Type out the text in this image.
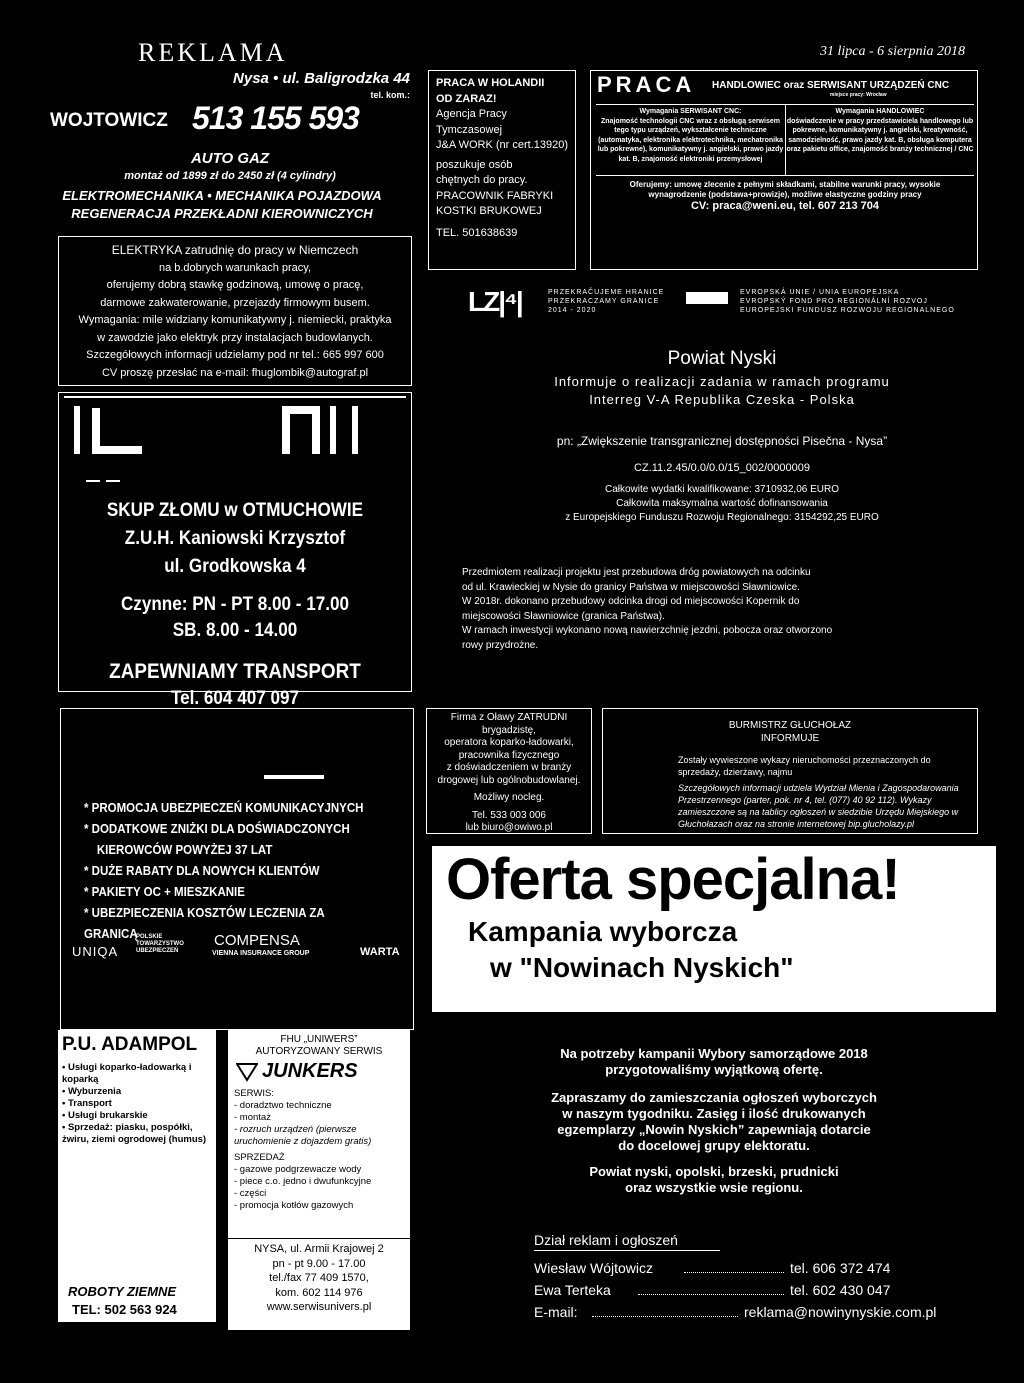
REKLAMA	31 lipca - 6 sierpnia 2018
Nysa • ul. Baligrodzka 44
tel. kom.:
WOJTOWICZ 513 155 593
AUTO GAZ
montaż od 1899 zł do 2450 zł (4 cylindry)
ELEKTROMECHANIKA • MECHANIKA POJAZDOWA
REGENERACJA PRZEKŁADNI KIEROWNICZYCH
PRACA W HOLANDII
OD ZARAZ!
Agencja Pracy Tymczasowej
J&A WORK (nr cert.13920)
poszukuje osób
chętnych do pracy.
PRACOWNIK FABRYKI
KOSTKI BRUKOWEJ
TEL. 501638639
PRACA HANDLOWIEC oraz SERWISANT URZĄDZEŃ CNC
miejsce pracy: Wrocław
Wymagania SERWISANT CNC:
Znajomość technologii CNC wraz z obsługą serwisem tego typu urządzeń, wykształcenie techniczne (automatyka, elektronika elektrotechnika, mechatronika lub pokrewne), komunikatywny j. angielski, prawo jazdy kat. B, znajomość elektroniki przemysłowej
Wymagania HANDLOWIEC
doświadczenie w pracy przedstawiciela handlowego lub pokrewne, komunikatywny j. angielski, kreatywność, samodzielność, prawo jazdy kat. B, obsługa komputera oraz pakietu office, znajomość branży technicznej / CNC
Oferujemy: umowę zlecenie z pełnymi składkami, stabilne warunki pracy, wysokie wynagrodzenie (podstawa+prowizje), możliwe elastyczne godziny pracy
CV: praca@weni.eu, tel. 607 213 704
ELEKTRYKA zatrudnię do pracy w Niemczech
na b.dobrych warunkach pracy,
oferujemy dobrą stawkę godzinową, umowę o pracę,
darmowe zakwaterowanie, przejazdy firmowym busem.
Wymagania: mile widziany komunikatywny j. niemiecki, praktyka
w zawodzie jako elektryk przy instalacjach budowlanych.
Szczegółowych informacji udzielamy pod nr tel.: 665 997 600
CV proszę przesłać na e-mail: fhuglombik@autograf.pl
SKUP ZŁOMU w OTMUCHOWIE
Z.U.H. Kaniowski Krzysztof
ul. Grodkowska 4
Czynne: PN - PT 8.00 - 17.00
SB. 8.00 - 14.00
ZAPEWNIAMY TRANSPORT
Tel. 604 407 097
LZ|⁴|	PRZEKRAČUJEME HRANICE
PRZEKRACZAMY GRANICE
2014 - 2020
EVROPSKÁ UNIE / UNIA EUROPEJSKA
EVROPSKÝ FOND PRO REGIONÁLNÍ ROZVOJ
EUROPEJSKI FUNDUSZ ROZWOJU REGIONALNEGO
Powiat Nyski
Informuje o realizacji zadania w ramach programu
Interreg V-A Republika Czeska - Polska
pn: „Zwiększenie transgranicznej dostępności Pisečna - Nysa”
CZ.11.2.45/0.0/0.0/15_002/0000009
Całkowite wydatki kwalifikowane: 3710932,06 EURO
Całkowita maksymalna wartość dofinansowania
z Europejskiego Funduszu Rozwoju Regionalnego: 3154292,25 EURO
Przedmiotem realizacji projektu jest przebudowa dróg powiatowych na odcinku
od ul. Krawieckiej w Nysie do granicy Państwa w miejscowości Sławniowice.
W 2018r. dokonano przebudowy odcinka drogi od miejscowości Kopernik do
miejscowości Sławniowice (granica Państwa).
W ramach inwestycji wykonano nową nawierzchnię jezdni, pobocza oraz otworzono
rowy przydrożne.
* PROMOCJA UBEZPIECZEŃ KOMUNIKACYJNYCH
* DODATKOWE ZNIŻKI DLA DOŚWIADCZONYCH
KIEROWCÓW POWYŻEJ 37 LAT
* DUŻE RABATY DLA NOWYCH KLIENTÓW
* PAKIETY OC + MIESZKANIE
* UBEZPIECZENIA KOSZTÓW LECZENIA ZA GRANICĄ
UNIQA
POLSKIE TOWARZYSTWO UBEZPIECZEŃ
COMPENSA
VIENNA INSURANCE GROUP	WARTA
Firma z Oławy ZATRUDNI
brygadzistę,
operatora koparko-ładowarki,
pracownika fizycznego
z doświadczeniem w branży
drogowej lub ogólnobudowlanej.
Możliwy nocleg.
Tel. 533 003 006
lub biuro@owiwo.pl
BURMISTRZ GŁUCHOŁAZ
INFORMUJE
Zostały wywieszone wykazy nieruchomości przeznaczonych do sprzedaży, dzierżawy, najmu
Szczegółowych informacji udziela Wydział Mienia i Zagospodarowania Przestrzennego (parter, pok. nr 4, tel. (077) 40 92 112). Wykazy zamieszczone są na tablicy ogłoszeń w siedzibie Urzędu Miejskiego w Głuchołazach oraz na stronie internetowej bip.glucholazy.pl
Oferta specjalna!
Kampania wyborcza
w "Nowinach Nyskich"
Na potrzeby kampanii Wybory samorządowe 2018
przygotowaliśmy wyjątkową ofertę.
Zapraszamy do zamieszczania ogłoszeń wyborczych
w naszym tygodniku. Zasięg i ilość drukowanych
egzemplarzy „Nowin Nyskich” zapewniają dotarcie
do docelowej grupy elektoratu.
Powiat nyski, opolski, brzeski, prudnicki
oraz wszystkie wsie regionu.
Dział reklam i ogłoszeń
Wiesław Wójtowicz	tel. 606 372 474
Ewa Terteka	tel. 602 430 047
E-mail:	reklama@nowinynyskie.com.pl
P.U. ADAMPOL
• Usługi koparko-ładowarką i koparką
• Wyburzenia
• Transport
• Usługi brukarskie
• Sprzedaż: piasku, pospółki, żwiru, ziemi ogrodowej (humus)
ROBOTY ZIEMNE
TEL: 502 563 924
FHU „UNIWERS”
AUTORYZOWANY SERWIS
JUNKERS
SERWIS:
- doradztwo techniczne
- montaż
- rozruch urządzeń (pierwsze uruchomienie z dojazdem gratis)
SPRZEDAŻ
- gazowe podgrzewacze wody
- piece c.o. jedno i dwufunkcyjne
- części
- promocja kotłów gazowych
NYSA, ul. Armii Krajowej 2
pn - pt 9.00 - 17.00
tel./fax 77 409 1570,
kom. 602 114 976
www.serwisunivers.pl
